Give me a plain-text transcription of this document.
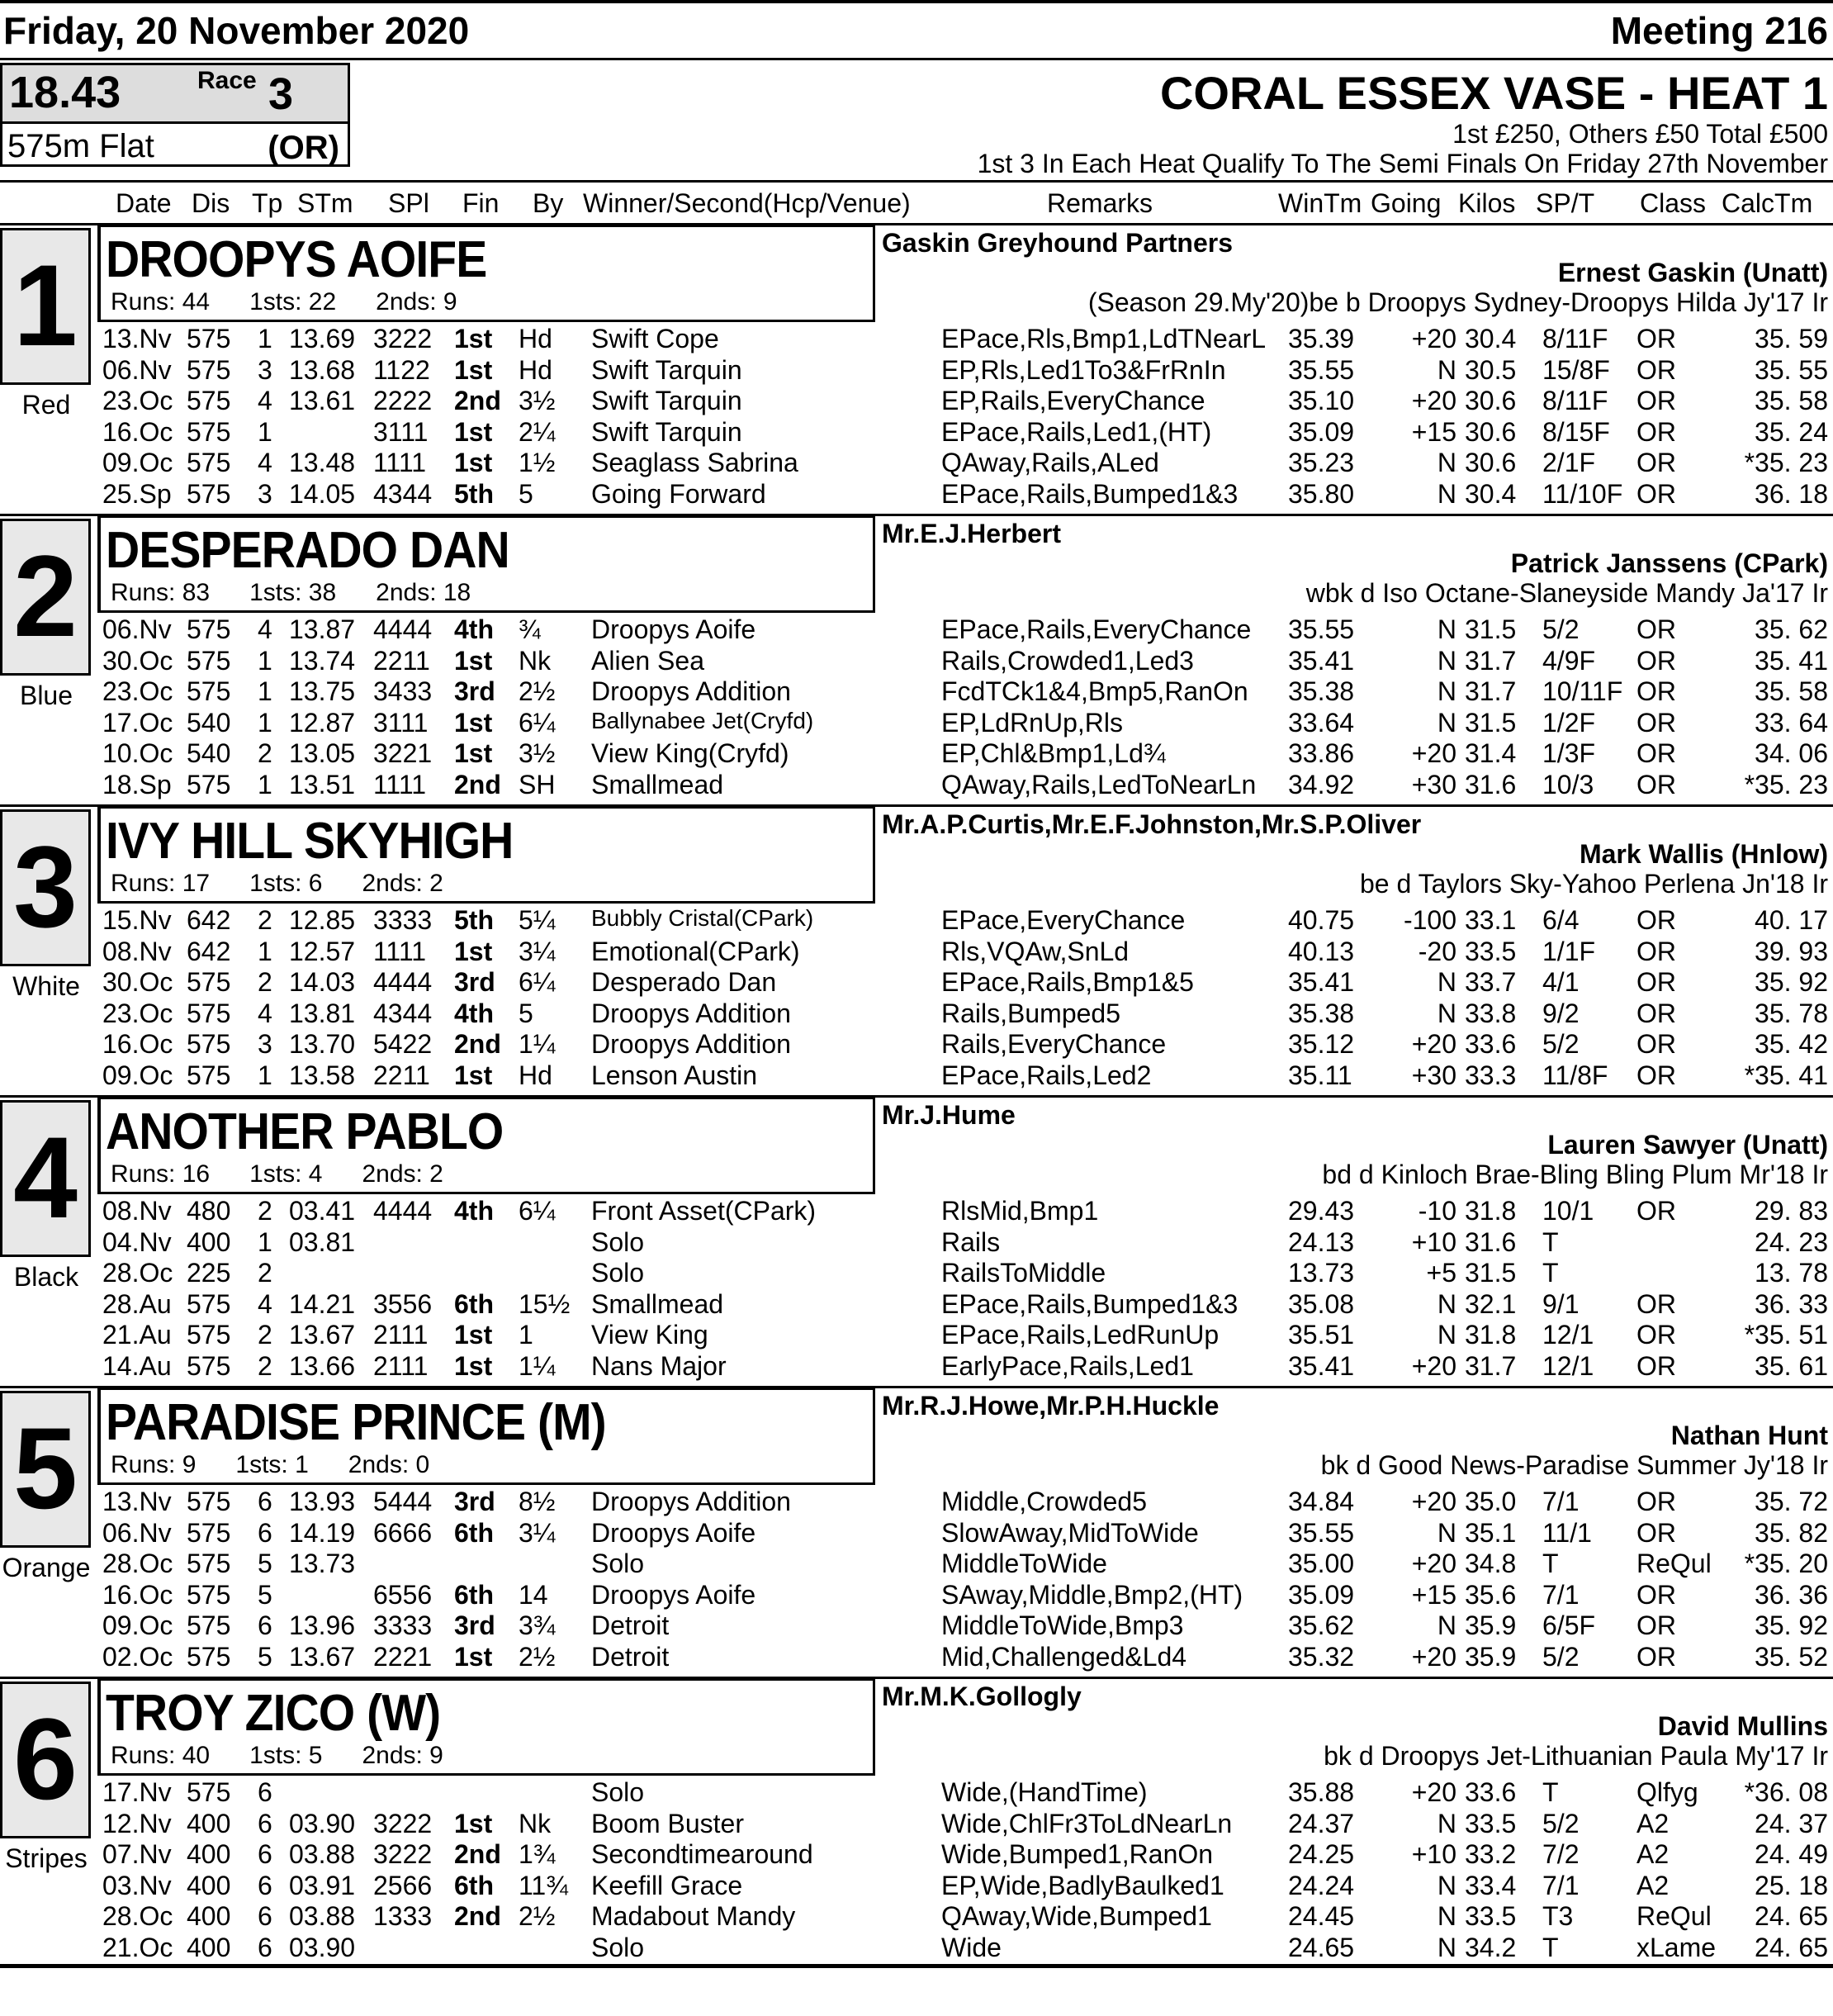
Friday, 20 November 2020	Meeting 216
18.43	Race 3
575m Flat	(OR)
CORAL ESSEX VASE - HEAT 1
1st £250, Others £50 Total £500
1st 3 In Each Heat Qualify To The Semi Finals On Friday 27th November
Date Dis Tp STm SPl Fin By Winner/Second(Hcp/Venue)	Remarks	WinTm Going Kilos SP/T Class CalcTm
1
Red
DROOPYS AOIFE
Runs: 44 1sts: 22 2nds: 9
Gaskin Greyhound Partners
Ernest Gaskin (Unatt)
(Season 29.My'20)be b Droopys Sydney-Droopys Hilda Jy'17 Ir
13.Nv 575 1 13.69 3222 1st Hd Swift Cope	EPace,Rls,Bmp1,LdTNearL 35.39	+20 30.4 8/11F OR	35. 59
06.Nv 575 3 13.68 1122 1st Hd Swift Tarquin	EP,Rls,Led1To3&FrRnIn 35.55	N 30.5 15/8F OR	35. 55
23.Oc 575 4 13.61 2222 2nd 3½ Swift Tarquin	EP,Rails,EveryChance	35.10	+20 30.6 8/11F OR	35. 58
16.Oc 575 1	3111 1st 2¼ Swift Tarquin	EPace,Rails,Led1,(HT)	35.09	+15 30.6 8/15F OR	35. 24
09.Oc 575 4 13.48 1111 1st 1½ Seaglass Sabrina	QAway,Rails,ALed	35.23	N 30.6 2/1F OR	*35. 23
25.Sp 575 3 14.05 4344 5th 5 Going Forward	EPace,Rails,Bumped1&3 35.80	N 30.4 11/10F OR	36. 18
2
Blue
DESPERADO DAN
Runs: 83 1sts: 38 2nds: 18
Mr.E.J.Herbert
Patrick Janssens (CPark)
wbk d Iso Octane-Slaneyside Mandy Ja'17 Ir
06.Nv 575 4 13.87 4444 4th ¾ Droopys Aoife	EPace,Rails,EveryChance 35.55	N 31.5 5/2 OR	35. 62
30.Oc 575 1 13.74 2211 1st Nk Alien Sea	Rails,Crowded1,Led3	35.41	N 31.7 4/9F OR	35. 41
23.Oc 575 1 13.75 3433 3rd 2½ Droopys Addition	FcdTCk1&4,Bmp5,RanOn 35.38	N 31.7 10/11F OR	35. 58
17.Oc 540 1 12.87 3111 1st 6¼ Ballynabee Jet(Cryfd)	EP,LdRnUp,Rls	33.64	N 31.5 1/2F OR	33. 64
10.Oc 540 2 13.05 3221 1st 3½ View King(Cryfd)	EP,Chl&Bmp1,Ld¾	33.86	+20 31.4 1/3F OR	34. 06
18.Sp 575 1 13.51 1111 2nd SH Smallmead	QAway,Rails,LedToNearLn 34.92	+30 31.6 10/3 OR	*35. 23
3
White
IVY HILL SKYHIGH
Runs: 17 1sts: 6 2nds: 2
Mr.A.P.Curtis,Mr.E.F.Johnston,Mr.S.P.Oliver
Mark Wallis (Hnlow)
be d Taylors Sky-Yahoo Perlena Jn'18 Ir
15.Nv 642 2 12.85 3333 5th 5¼ Bubbly Cristal(CPark)	EPace,EveryChance	40.75	-100 33.1 6/4 OR	40. 17
08.Nv 642 1 12.57 1111 1st 3¼ Emotional(CPark)	Rls,VQAw,SnLd	40.13	-20 33.5 1/1F OR	39. 93
30.Oc 575 2 14.03 4444 3rd 6¼ Desperado Dan	EPace,Rails,Bmp1&5	35.41	N 33.7 4/1 OR	35. 92
23.Oc 575 4 13.81 4344 4th 5 Droopys Addition	Rails,Bumped5	35.38	N 33.8 9/2 OR	35. 78
16.Oc 575 3 13.70 5422 2nd 1¼ Droopys Addition	Rails,EveryChance	35.12	+20 33.6 5/2 OR	35. 42
09.Oc 575 1 13.58 2211 1st Hd Lenson Austin	EPace,Rails,Led2	35.11	+30 33.3 11/8F OR	*35. 41
4
Black
ANOTHER PABLO
Runs: 16 1sts: 4 2nds: 2
Mr.J.Hume
Lauren Sawyer (Unatt)
bd d Kinloch Brae-Bling Bling Plum Mr'18 Ir
08.Nv 480 2 03.41 4444 4th 6¼ Front Asset(CPark)	RlsMid,Bmp1	29.43	-10 31.8 10/1 OR	29. 83
04.Nv 400 1 03.81	Solo	Rails	24.13	+10 31.6 T	24. 23
28.Oc 225 2	Solo	RailsToMiddle	13.73	+5 31.5 T	13. 78
28.Au 575 4 14.21 3556 6th 15½ Smallmead	EPace,Rails,Bumped1&3 35.08	N 32.1 9/1 OR	36. 33
21.Au 575 2 13.67 2111 1st 1 View King	EPace,Rails,LedRunUp	35.51	N 31.8 12/1 OR	*35. 51
14.Au 575 2 13.66 2111 1st 1¼ Nans Major	EarlyPace,Rails,Led1	35.41	+20 31.7 12/1 OR	35. 61
5
Orange
PARADISE PRINCE (M)
Runs: 9 1sts: 1 2nds: 0
Mr.R.J.Howe,Mr.P.H.Huckle
Nathan Hunt
bk d Good News-Paradise Summer Jy'18 Ir
13.Nv 575 6 13.93 5444 3rd 8½ Droopys Addition	Middle,Crowded5	34.84	+20 35.0 7/1 OR	35. 72
06.Nv 575 6 14.19 6666 6th 3¼ Droopys Aoife	SlowAway,MidToWide	35.55	N 35.1 11/1 OR	35. 82
28.Oc 575 5 13.73	Solo	MiddleToWide	35.00	+20 34.8 T	ReQul	*35. 20
16.Oc 575 5	6556 6th 14 Droopys Aoife	SAway,Middle,Bmp2,(HT) 35.09	+15 35.6 7/1 OR	36. 36
09.Oc 575 6 13.96 3333 3rd 3¾ Detroit	MiddleToWide,Bmp3	35.62	N 35.9 6/5F OR	35. 92
02.Oc 575 5 13.67 2221 1st 2½ Detroit	Mid,Challenged&Ld4	35.32	+20 35.9 5/2 OR	35. 52
6
Stripes
TROY ZICO (W)
Runs: 40 1sts: 5 2nds: 9
Mr.M.K.Gollogly
David Mullins
bk d Droopys Jet-Lithuanian Paula My'17 Ir
17.Nv 575 6	Solo	Wide,(HandTime)	35.88	+20 33.6 T	Qlfyg	*36. 08
12.Nv 400 6 03.90 3222 1st Nk Boom Buster	Wide,ChlFr3ToLdNearLn 24.37	N 33.5 5/2 A2	24. 37
07.Nv 400 6 03.88 3222 2nd 1¾ Secondtimearound	Wide,Bumped1,RanOn	24.25	+10 33.2 7/2 A2	24. 49
03.Nv 400 6 03.91 2566 6th 11¾ Keefill Grace	EP,Wide,BadlyBaulked1 24.24	N 33.4 7/1 A2	25. 18
28.Oc 400 6 03.88 1333 2nd 2½ Madabout Mandy	QAway,Wide,Bumped1	24.45	N 33.5 T3 ReQul	24. 65
21.Oc 400 6 03.90	Solo	Wide	24.65	N 34.2 T	xLame	24. 65
